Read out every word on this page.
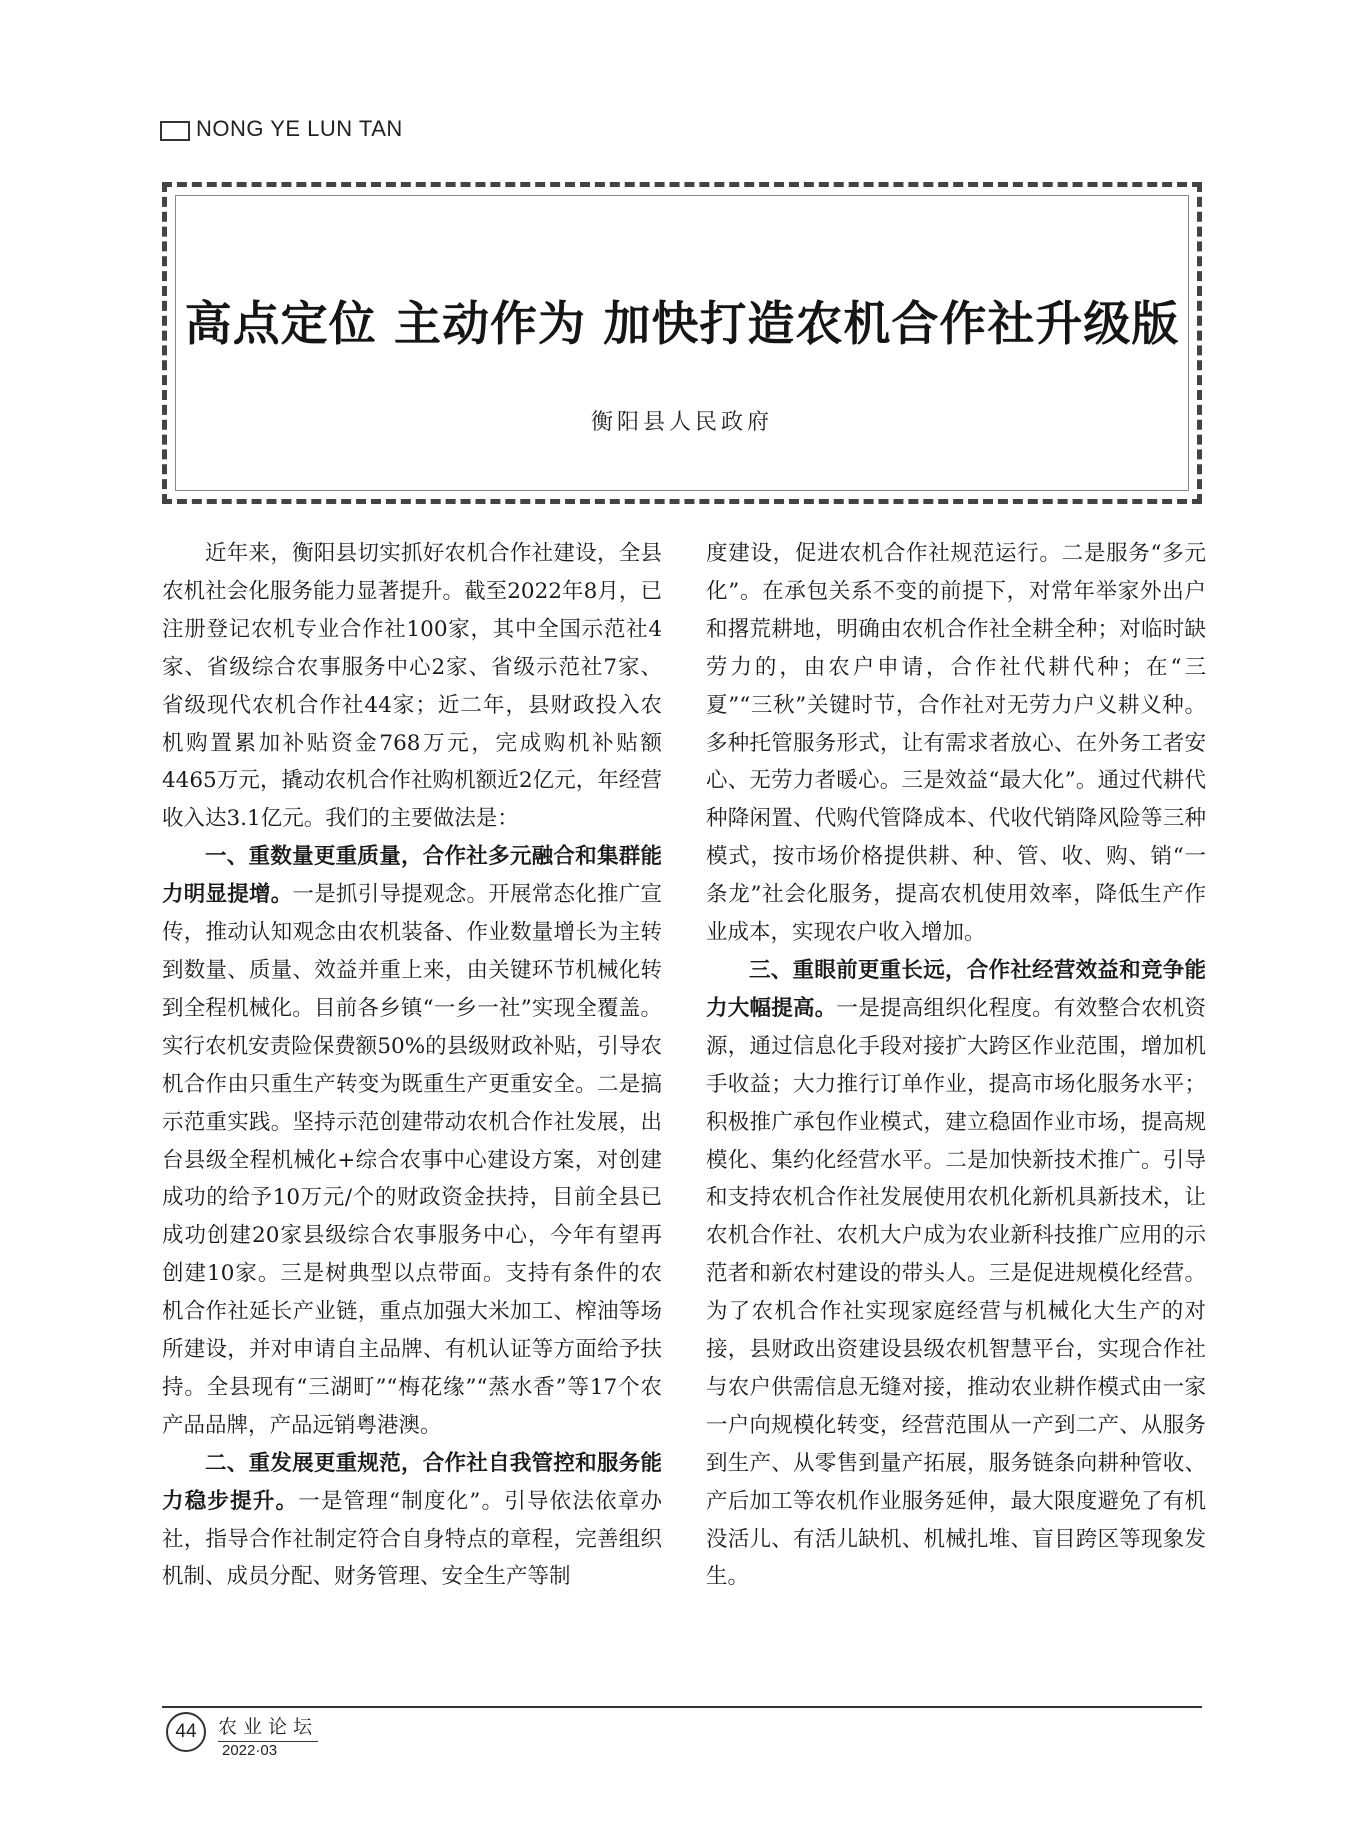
NONG YE LUN TAN
高点定位 主动作为 加快打造农机合作社升级版
衡阳县人民政府

近年来，衡阳县切实抓好农机合作社建设，全县农机社会化服务能力显著提升。截至2022年8月，已注册登记农机专业合作社100家，其中全国示范社4家、省级综合农事服务中心2家、省级示范社7家、省级现代农机合作社44家；近二年，县财政投入农机购置累加补贴资金768万元，完成购机补贴额4465万元，撬动农机合作社购机额近2亿元，年经营收入达3.1亿元。我们的主要做法是：

一、重数量更重质量，合作社多元融合和集群能力明显提增。一是抓引导提观念。开展常态化推广宣传，推动认知观念由农机装备、作业数量增长为主转到数量、质量、效益并重上来，由关键环节机械化转到全程机械化。目前各乡镇“一乡一社”实现全覆盖。实行农机安责险保费额50%的县级财政补贴，引导农机合作由只重生产转变为既重生产更重安全。二是搞示范重实践。坚持示范创建带动农机合作社发展，出台县级全程机械化+综合农事中心建设方案，对创建成功的给予10万元/个的财政资金扶持，目前全县已成功创建20家县级综合农事服务中心，今年有望再创建10家。三是树典型以点带面。支持有条件的农机合作社延长产业链，重点加强大米加工、榨油等场所建设，并对申请自主品牌、有机认证等方面给予扶持。全县现有“三湖町”“梅花缘”“蒸水香”等17个农产品品牌，产品远销粤港澳。

二、重发展更重规范，合作社自我管控和服务能力稳步提升。一是管理“制度化”。引导依法依章办社，指导合作社制定符合自身特点的章程，完善组织机制、成员分配、财务管理、安全生产等制

度建设，促进农机合作社规范运行。二是服务“多元化”。在承包关系不变的前提下，对常年举家外出户和撂荒耕地，明确由农机合作社全耕全种；对临时缺劳力的，由农户申请，合作社代耕代种；在“三夏”“三秋”关键时节，合作社对无劳力户义耕义种。多种托管服务形式，让有需求者放心、在外务工者安心、无劳力者暖心。三是效益“最大化”。通过代耕代种降闲置、代购代管降成本、代收代销降风险等三种模式，按市场价格提供耕、种、管、收、购、销“一条龙”社会化服务，提高农机使用效率，降低生产作业成本，实现农户收入增加。

三、重眼前更重长远，合作社经营效益和竞争能力大幅提高。一是提高组织化程度。有效整合农机资源，通过信息化手段对接扩大跨区作业范围，增加机手收益；大力推行订单作业，提高市场化服务水平；积极推广承包作业模式，建立稳固作业市场，提高规模化、集约化经营水平。二是加快新技术推广。引导和支持农机合作社发展使用农机化新机具新技术，让农机合作社、农机大户成为农业新科技推广应用的示范者和新农村建设的带头人。三是促进规模化经营。为了农机合作社实现家庭经营与机械化大生产的对接，县财政出资建设县级农机智慧平台，实现合作社与农户供需信息无缝对接，推动农业耕作模式由一家一户向规模化转变，经营范围从一产到二产、从服务到生产、从零售到量产拓展，服务链条向耕种管收、产后加工等农机作业服务延伸，最大限度避免了有机没活儿、有活儿缺机、机械扎堆、盲目跨区等现象发生。

44	农业论坛
2022·03
